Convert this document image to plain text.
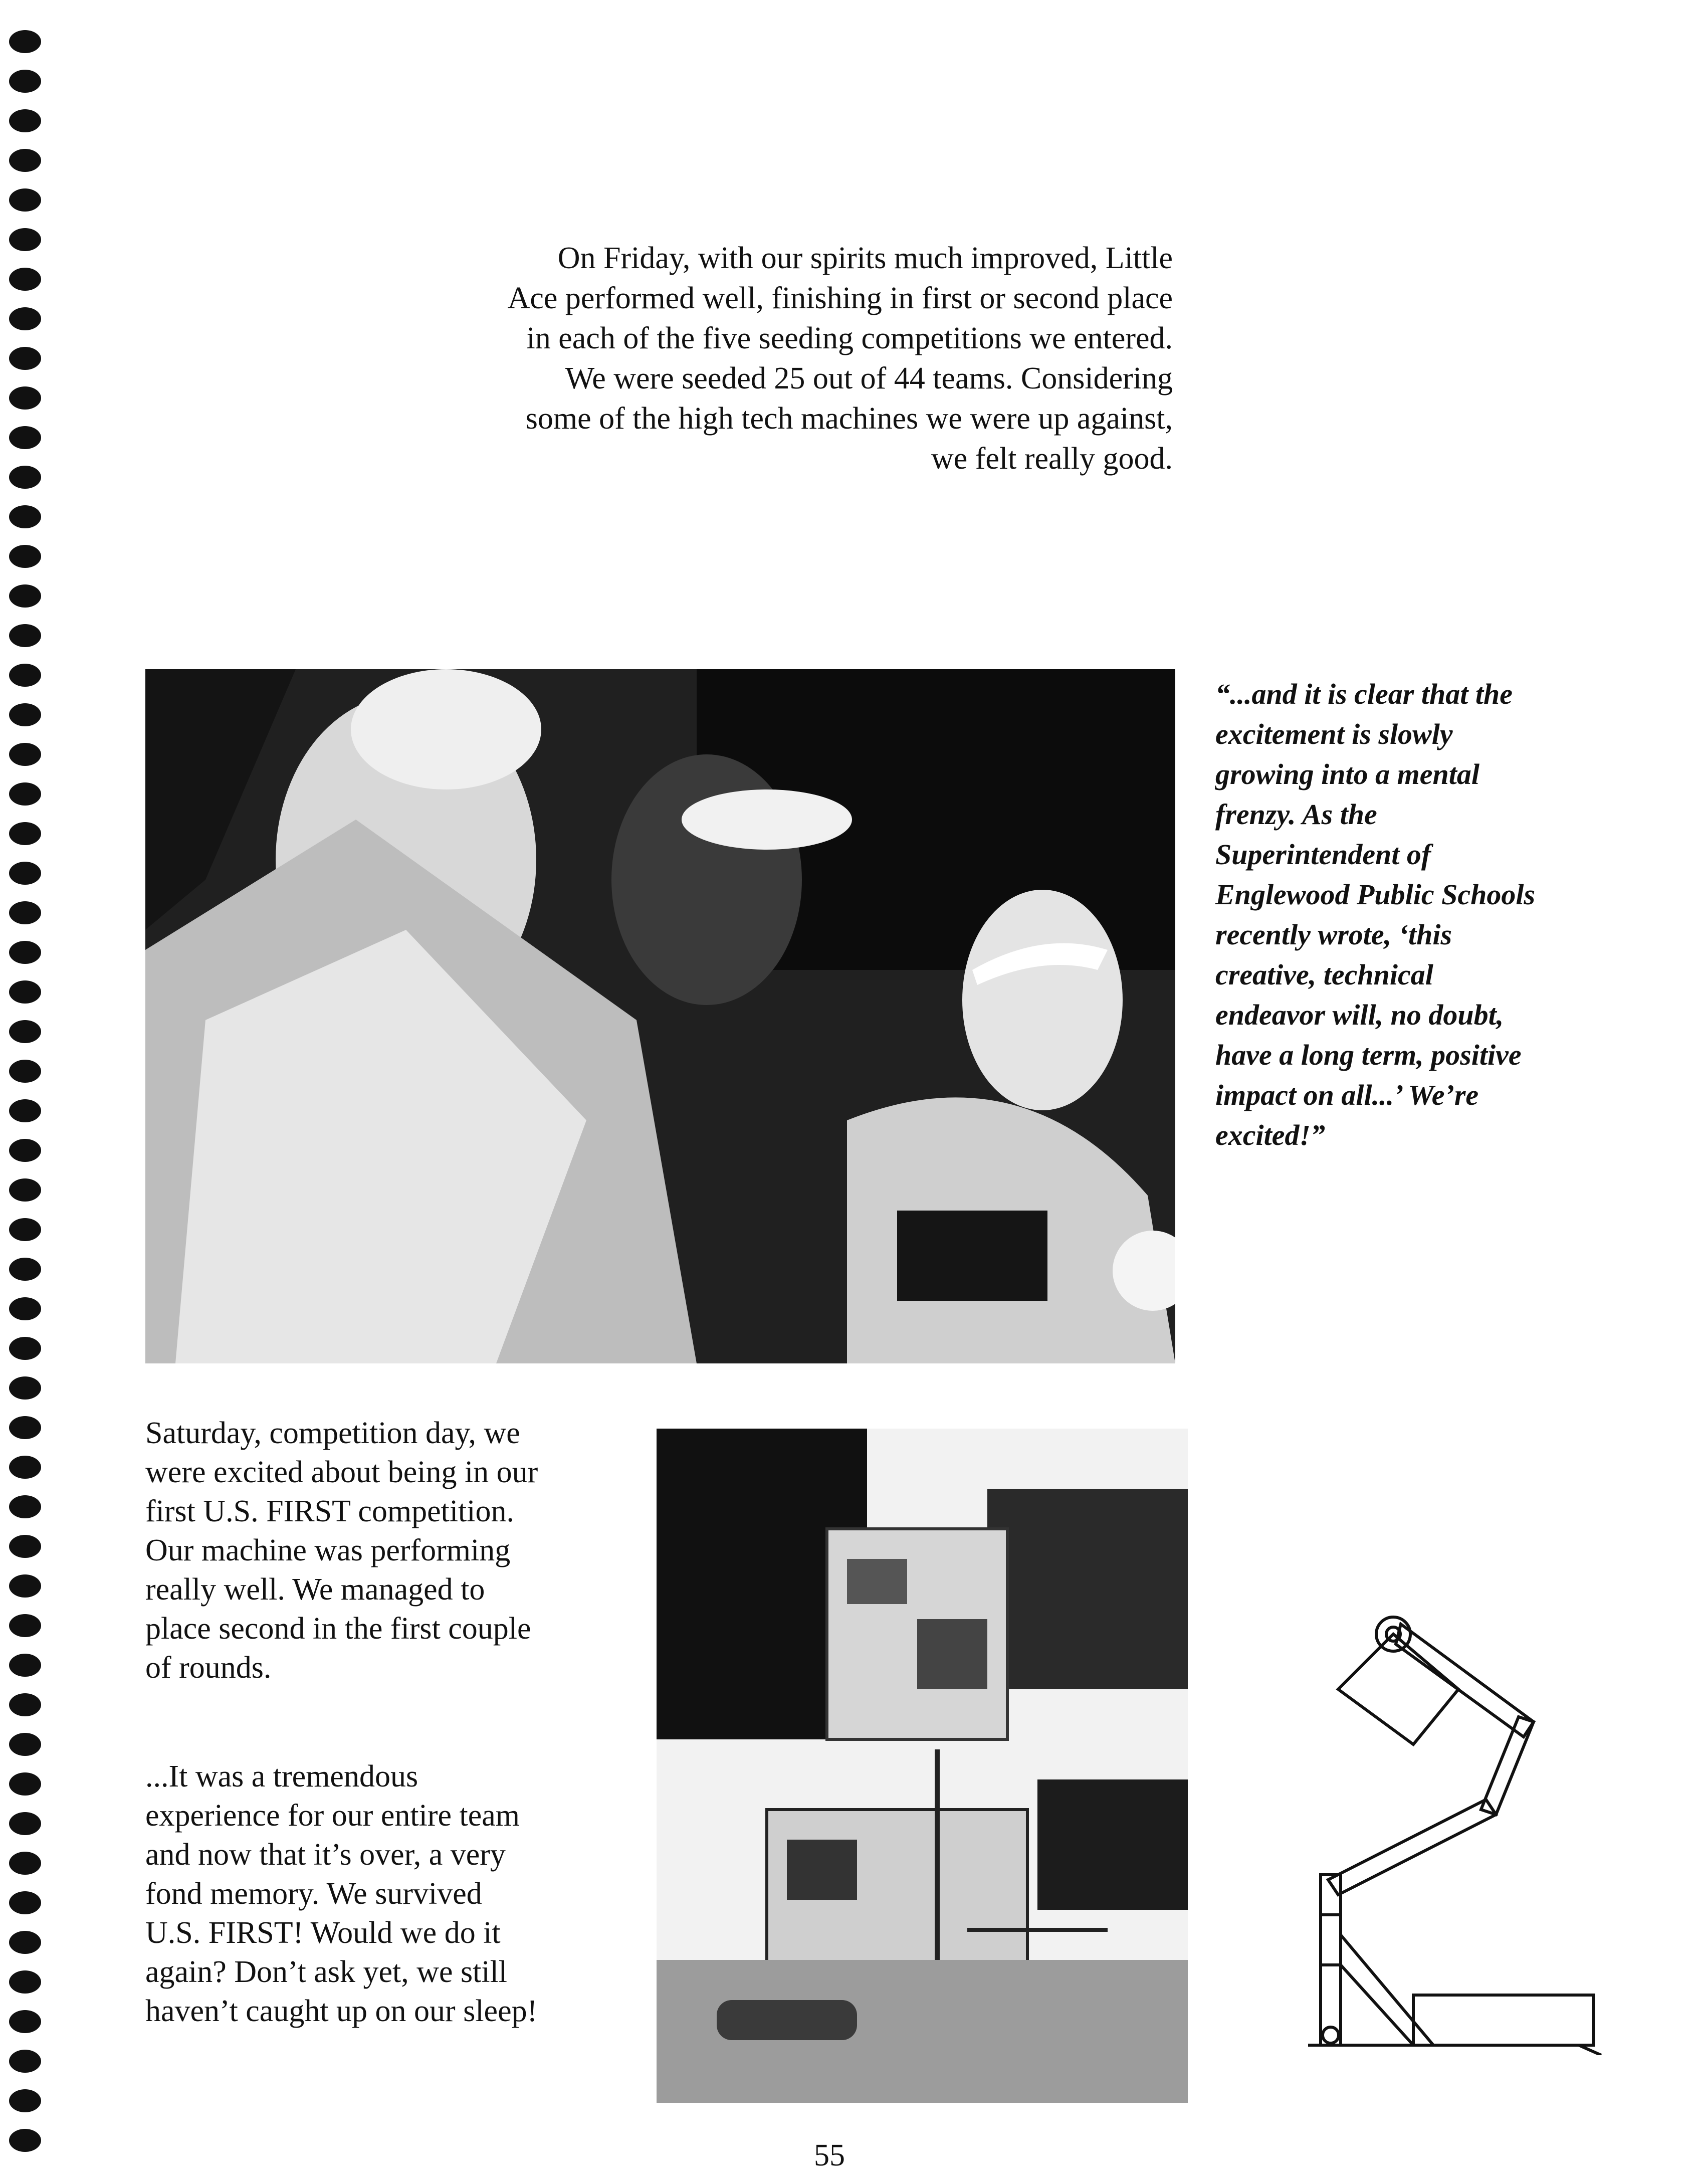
On Friday, with our spirits much improved, Little
Ace performed well, finishing in first or second place
in each of the five seeding competitions we entered.
We were seeded 25 out of 44 teams. Considering
some of the high tech machines we were up against,
we felt really good.
“...and it is clear that the
excitement is slowly
growing into a mental
frenzy. As the
Superintendent of
Englewood Public Schools
recently wrote, ‘this
creative, technical
endeavor will, no doubt,
have a long term, positive
impact on all...’ We’re
excited!”
Saturday, competition day, we
were excited about being in our
first U.S. FIRST competition.
Our machine was performing
really well. We managed to
place second in the first couple
of rounds.
...It was a tremendous
experience for our entire team
and now that it’s over, a very
fond memory. We survived
U.S. FIRST! Would we do it
again? Don’t ask yet, we still
haven’t caught up on our sleep!
55
